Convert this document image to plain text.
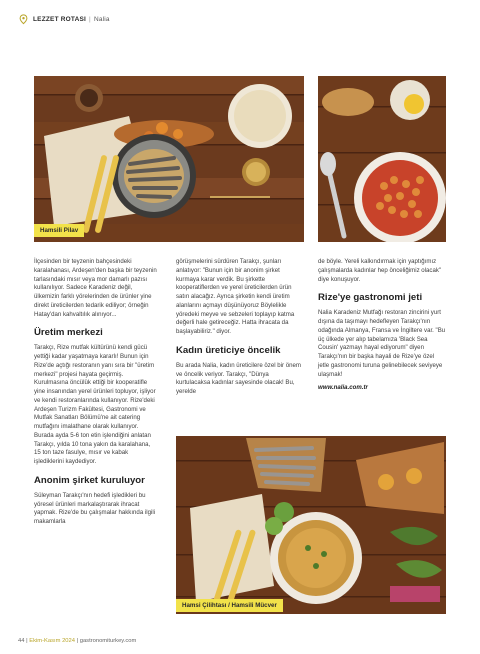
LEZZET ROTASI | Nalia
Hamsili Pilav

İlçesinden bir teyzenin bahçesindeki karalahanası, Ardeşen'den başka bir teyzenin tarlasındaki mısır veya mor damarlı pazısı kullanılıyor. Sadece Karadeniz değil, ülkemizin farklı yörelerinden de ürünler yine direkt üreticilerden tedarik ediliyor; örneğin Hatay'dan kahvaltılık alınıyor...

Üretim merkezi

Tarakçı, Rize mutfak kültürünü kendi gücü yettiği kadar yaşatmaya kararlı! Bunun için Rize'de açtığı restoranın yanı sıra bir "üretim merkezi" projesi hayata geçirmiş. Kurulmasına öncülük ettiği bir kooperatifle yine insanından yerel ürünleri topluyor, işliyor ve kendi restoranlarında kullanıyor. Rize'deki Ardeşen Turizm Fakültesi, Gastronomi ve Mutfak Sanatları Bölümü'ne ait catering mutfağını imalathane olarak kullanıyor. Burada ayda 5-6 ton etin işlendiğini anlatan Tarakçı, yılda 10 tona yakın da karalahana, 15 ton taze fasulye, mısır ve kabak işlediklerini kaydediyor.

Anonim şirket kuruluyor

Süleyman Tarakçı'nın hedefi işledikleri bu yöresel ürünleri markalaştırarak ihracat yapmak. Rize'de bu çalışmalar hakkında ilgili makamlarla

görüşmelerini sürdüren Tarakçı, şunları anlatıyor: "Bunun için bir anonim şirket kurmaya karar verdik. Bu şirkette kooperatiflerden ve yerel üreticilerden ürün satın alacağız. Ayrıca şirketin kendi üretim alanlarını açmayı düşünüyoruz Böylelikle yöredeki meyve ve sebzeleri toplayıp katma değerli hale getireceğiz. Hatta ihracata da başlayabiliriz." diyor.

Kadın üreticiye öncelik

Bu arada Nalia, kadın üreticilere özel bir önem ve öncelik veriyor. Tarakçı, "Dünya kurtulacaksa kadınlar sayesinde olacak! Bu, yerelde

de böyle. Yereli kalkındırmak için yaptığımız çalışmalarda kadınlar hep önceliğimiz olacak" diye konuşuyor.

Rize'ye gastronomi jeti

Nalia Karadeniz Mutfağı restoran zincirini yurt dışına da taşımayı hedefleyen Tarakçı'nın odağında Almanya, Fransa ve İngiltere var. "Bu üç ülkede yer alıp tabelamıza 'Black Sea Cousin' yazmayı hayal ediyorum" diyen Tarakçı'nın bir başka hayali de Rize'ye özel jetle gastronomi turuna gelinebilecek seviyeye ulaşmak!

www.nalia.com.tr

Hamsi Çilihtası / Hamsili Mücver
44 | Ekim-Kasım 2024 | gastronomiturkey.com
